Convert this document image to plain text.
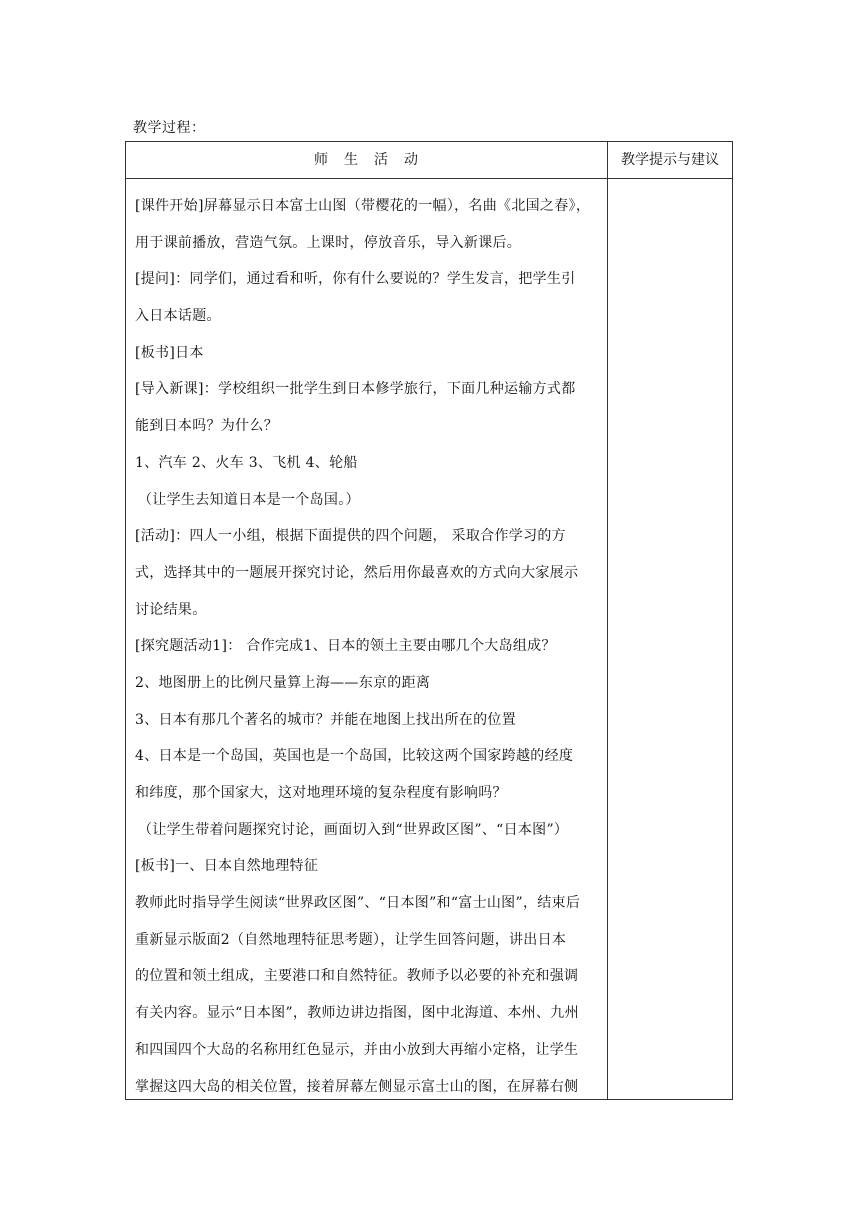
教学过程：
师　生　活　动	教学提示与建议
[课件开始]屏幕显示日本富士山图（带樱花的一幅），名曲《北国之春》，
用于课前播放，营造气氛。上课时，停放音乐，导入新课后。
[提问]：同学们，通过看和听，你有什么要说的？学生发言，把学生引
入日本话题。
[板书]日本
[导入新课]：学校组织一批学生到日本修学旅行，下面几种运输方式都
能到日本吗？为什么？
1、汽车 2、火车 3、飞机 4、轮船
（让学生去知道日本是一个岛国。）
[活动]：四人一小组，根据下面提供的四个问题， 采取合作学习的方
式，选择其中的一题展开探究讨论，然后用你最喜欢的方式向大家展示
讨论结果。
[探究题活动1]： 合作完成1、日本的领土主要由哪几个大岛组成？
2、地图册上的比例尺量算上海——东京的距离
3、日本有那几个著名的城市？并能在地图上找出所在的位置
4、日本是一个岛国，英国也是一个岛国，比较这两个国家跨越的经度
和纬度，那个国家大，这对地理环境的复杂程度有影响吗？
（让学生带着问题探究讨论，画面切入到“世界政区图”、“日本图”）
[板书]一、日本自然地理特征
教师此时指导学生阅读“世界政区图”、“日本图”和“富士山图”，结束后
重新显示版面2（自然地理特征思考题），让学生回答问题，讲出日本
的位置和领土组成，主要港口和自然特征。教师予以必要的补充和强调
有关内容。显示“日本图”，教师边讲边指图，图中北海道、本州、九州
和四国四个大岛的名称用红色显示，并由小放到大再缩小定格，让学生
掌握这四大岛的相关位置，接着屏幕左侧显示富士山的图，在屏幕右侧
